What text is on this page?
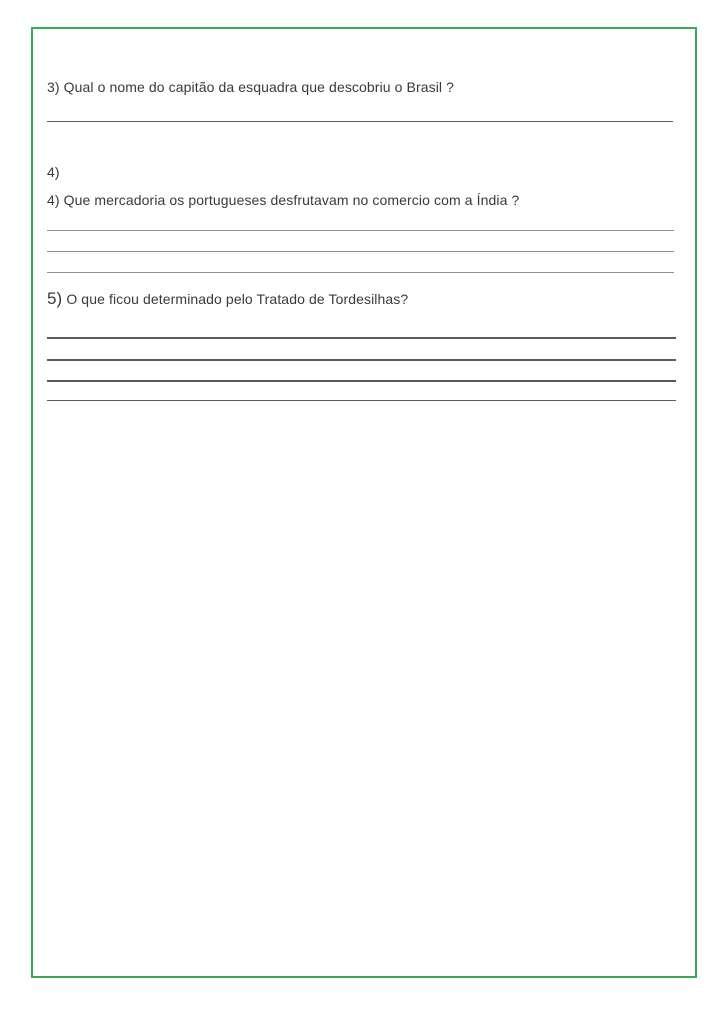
3) Qual o nome do capitão da esquadra que descobriu o Brasil ?
4)
4) Que mercadoria os portugueses desfrutavam no comercio com a Índia ?
5) O que ficou determinado pelo Tratado de Tordesilhas?
